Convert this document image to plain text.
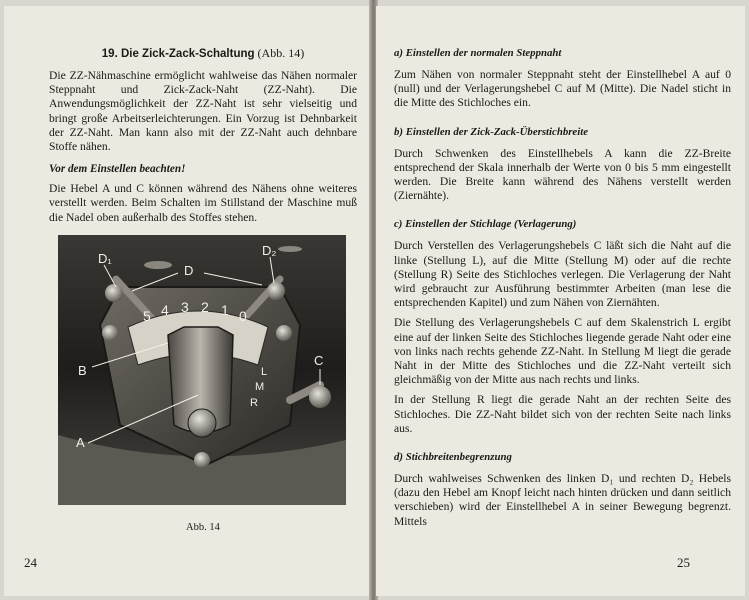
19. Die Zick-Zack-Schaltung (Abb. 14)

Die ZZ-Nähmaschine ermöglicht wahlweise das Nähen normaler Steppnaht und Zick-Zack-Naht (ZZ-Naht). Die Anwendungsmöglichkeit der ZZ-Naht ist sehr vielseitig und bringt große Arbeitserleichterungen. Ein Vorzug ist Dehnbarkeit der ZZ-Naht. Man kann also mit der ZZ-Naht auch dehnbare Stoffe nähen.

Vor dem Einstellen beachten!

Die Hebel A und C können während des Nähens ohne weiteres verstellt werden. Beim Schalten im Stillstand der Maschine muß die Nadel oben außerhalb des Stoffes stehen.

5 4 3 2 1 0
L
M
R
D₁
D
D₂
B
A
C
Abb. 14
24

a) Einstellen der normalen Steppnaht

Zum Nähen von normaler Steppnaht steht der Einstellhebel A auf 0 (null) und der Verlagerungshebel C auf M (Mitte). Die Nadel sticht in die Mitte des Stichloches ein.

b) Einstellen der Zick-Zack-Überstichbreite

Durch Schwenken des Einstellhebels A kann die ZZ-Breite entsprechend der Skala innerhalb der Werte von 0 bis 5 mm eingestellt werden. Die Breite kann während des Nähens verstellt werden (Ziernähte).

c) Einstellen der Stichlage (Verlagerung)

Durch Verstellen des Verlagerungshebels C läßt sich die Naht auf die linke (Stellung L), auf die Mitte (Stellung M) oder auf die rechte (Stellung R) Seite des Stichloches verlegen. Die Verlagerung der Naht wird gebraucht zur Ausführung bestimmter Arbeiten (man lese die entsprechenden Kapitel) und zum Nähen von Ziernähten.

Die Stellung des Verlagerungshebels C auf dem Skalenstrich L ergibt eine auf der linken Seite des Stichloches liegende gerade Naht oder eine von links nach rechts gehende ZZ-Naht. In Stellung M liegt die gerade Naht in der Mitte des Stichloches und die ZZ-Naht verteilt sich gleichmäßig von der Mitte aus nach rechts und links.

In der Stellung R liegt die gerade Naht an der rechten Seite des Stichloches. Die ZZ-Naht bildet sich von der rechten Seite nach links aus.

d) Stichbreitenbegrenzung

Durch wahlweises Schwenken des linken D₁ und rechten D₂ Hebels (dazu den Hebel am Knopf leicht nach hinten drücken und dann seitlich verschieben) wird der Einstellhebel A in seiner Bewegung begrenzt. Mittels

25
